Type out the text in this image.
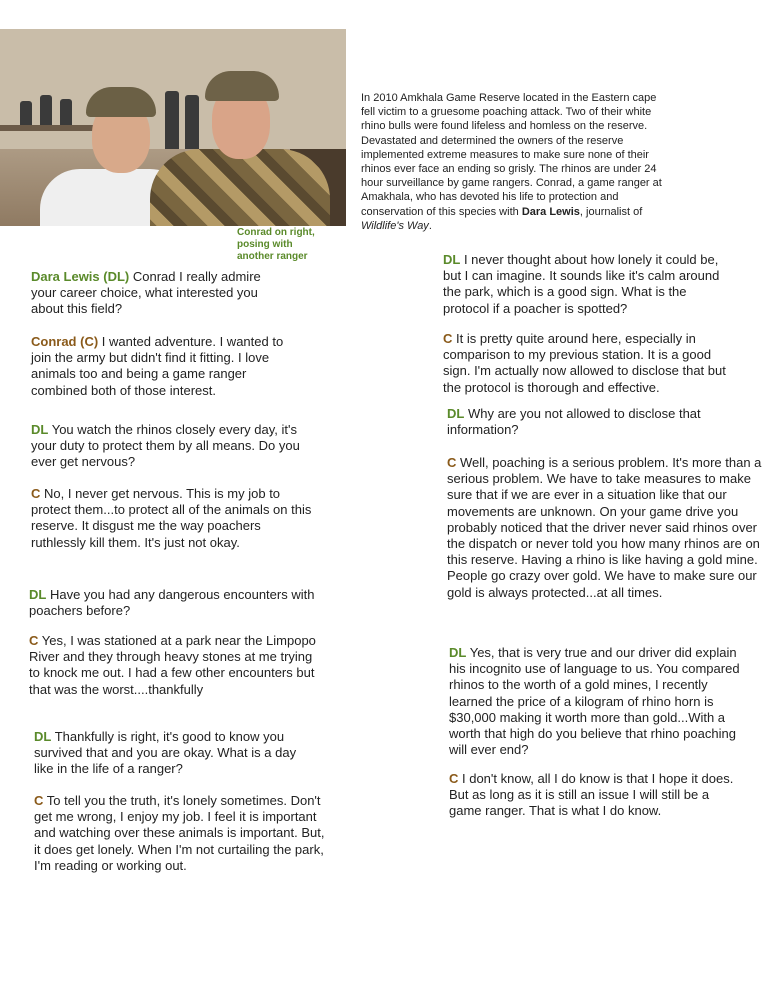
Conrad on right,
posing with
another ranger
In 2010 Amkhala Game Reserve located in the Eastern cape fell victim to a gruesome poaching attack. Two of their white rhino bulls were found lifeless and homless on the reserve. Devastated and determined the owners of the reserve implemented extreme measures to make sure none of their rhinos ever face an ending so grisly. The rhinos are under 24 hour surveillance by game rangers. Conrad, a game ranger at Amakhala, who has devoted his life to protection and conservation of this species with Dara Lewis, journalist of Wildlife's Way.
Dara Lewis (DL) Conrad I really admire your career choice, what interested you about this field?
Conrad (C) I wanted adventure. I wanted to join the army but didn't find it fitting. I love animals too and being a game ranger combined both of those interest.
DL You watch the rhinos closely every day, it's your duty to protect them by all means. Do you ever get nervous?
C No, I never get nervous. This is my job to protect them...to protect all of the animals on this reserve. It disgust me the way poachers ruthlessly kill them. It's just not okay.
DL Have you had any dangerous encounters with poachers before?
C Yes, I was stationed at a park near the Limpopo River and they through heavy stones at me trying to knock me out. I had a few other encounters but that was the worst....thankfully
DL Thankfully is right, it's good to know you survived that and you are okay. What is a day like in the life of a ranger?
C To tell you the truth, it's lonely sometimes. Don't get me wrong, I enjoy my job. I feel it is important and watching over these animals is important. But, it does get lonely. When I'm not curtailing the park, I'm reading or working out.
DL I never thought about how lonely it could be, but I can imagine. It sounds like it's calm around the park, which is a good sign. What is the protocol if a poacher is spotted?
C It is pretty quite around here, especially in comparison to my previous station. It is a good sign. I'm actually now allowed to disclose that but the protocol is thorough and effective.
DL Why are you not allowed to disclose that information?
C Well, poaching is a serious problem. It's more than a serious problem. We have to take measures to make sure that if we are ever in a situation like that our movements are unknown. On your game drive you probably noticed that the driver never said rhinos over the dispatch or never told you how many rhinos are on this reserve. Having a rhino is like having a gold mine. People go crazy over gold. We have to make sure our gold is always protected...at all times.
DL Yes, that is very true and our driver did explain his incognito use of language to us. You compared rhinos to the worth of a gold mines, I recently learned the price of a kilogram of rhino horn is $30,000 making it worth more than gold...With a worth that high do you believe that rhino poaching will ever end?
C I don't know, all I do know is that I hope it does. But as long as it is still an issue I will still be a game ranger. That is what I do know.
